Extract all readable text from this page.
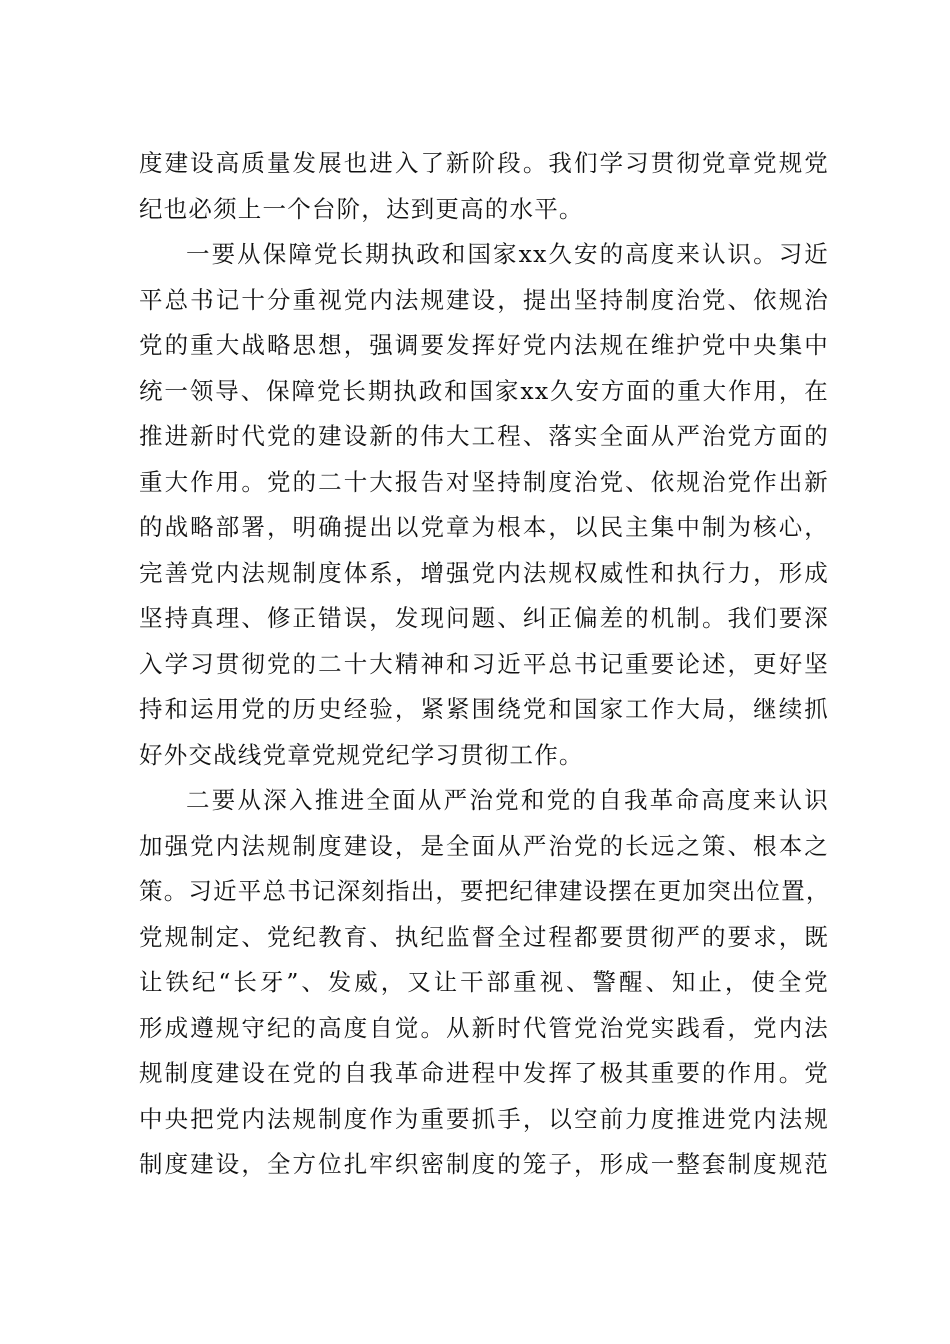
度建设高质量发展也进入了新阶段。我们学习贯彻党章党规党
纪也必须上一个台阶，达到更高的水平。
一要从保障党长期执政和国家xx久安的高度来认识。习近
平总书记十分重视党内法规建设，提出坚持制度治党、依规治
党的重大战略思想，强调要发挥好党内法规在维护党中央集中
统一领导、保障党长期执政和国家xx久安方面的重大作用，在
推进新时代党的建设新的伟大工程、落实全面从严治党方面的
重大作用。党的二十大报告对坚持制度治党、依规治党作出新
的战略部署，明确提出以党章为根本，以民主集中制为核心，
完善党内法规制度体系，增强党内法规权威性和执行力，形成
坚持真理、修正错误，发现问题、纠正偏差的机制。我们要深
入学习贯彻党的二十大精神和习近平总书记重要论述，更好坚
持和运用党的历史经验，紧紧围绕党和国家工作大局，继续抓
好外交战线党章党规党纪学习贯彻工作。
二要从深入推进全面从严治党和党的自我革命高度来认识
加强党内法规制度建设，是全面从严治党的长远之策、根本之
策。习近平总书记深刻指出，要把纪律建设摆在更加突出位置，
党规制定、党纪教育、执纪监督全过程都要贯彻严的要求，既
让铁纪“长牙”、发威，又让干部重视、警醒、知止，使全党
形成遵规守纪的高度自觉。从新时代管党治党实践看，党内法
规制度建设在党的自我革命进程中发挥了极其重要的作用。党
中央把党内法规制度作为重要抓手，以空前力度推进党内法规
制度建设，全方位扎牢织密制度的笼子，形成一整套制度规范
